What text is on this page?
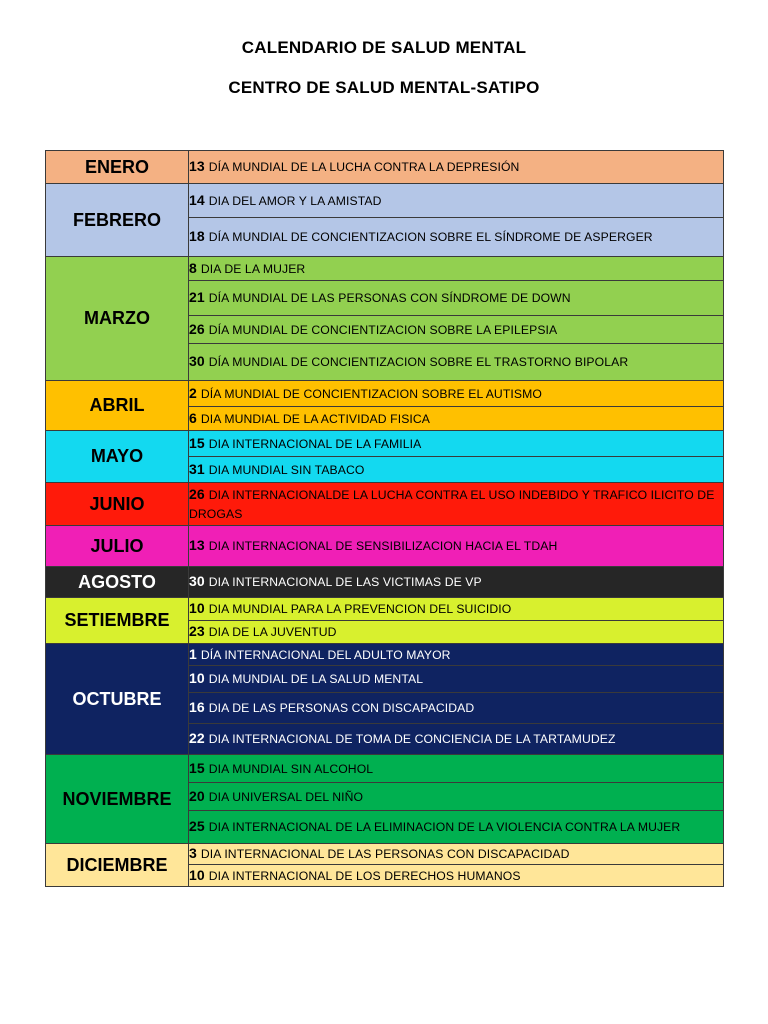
CALENDARIO DE SALUD MENTAL
CENTRO DE SALUD MENTAL-SATIPO
ENERO	13 DÍA MUNDIAL DE LA LUCHA CONTRA LA DEPRESIÓN
FEBRERO	14 DIA DEL AMOR Y LA AMISTAD
	18 DÍA MUNDIAL DE CONCIENTIZACION SOBRE EL SÍNDROME DE ASPERGER
MARZO	8 DIA DE LA MUJER
	21 DÍA MUNDIAL DE LAS PERSONAS CON SÍNDROME DE DOWN
	26 DÍA MUNDIAL DE CONCIENTIZACION SOBRE LA EPILEPSIA
	30 DÍA MUNDIAL DE CONCIENTIZACION SOBRE EL TRASTORNO BIPOLAR
ABRIL	2 DÍA MUNDIAL DE CONCIENTIZACION SOBRE EL AUTISMO
	6 DIA MUNDIAL DE LA ACTIVIDAD FISICA
MAYO	15 DIA INTERNACIONAL DE LA FAMILIA
	31 DIA MUNDIAL SIN TABACO
JUNIO	26 DIA INTERNACIONALDE LA LUCHA CONTRA EL USO INDEBIDO Y TRAFICO ILICITO DE DROGAS
JULIO	13 DIA INTERNACIONAL DE SENSIBILIZACION HACIA EL TDAH
AGOSTO	30 DIA INTERNACIONAL DE LAS VICTIMAS DE VP
SETIEMBRE	10 DIA MUNDIAL PARA LA PREVENCION DEL SUICIDIO
	23 DIA DE LA JUVENTUD
OCTUBRE	1 DÍA INTERNACIONAL DEL ADULTO MAYOR
	10 DIA MUNDIAL DE LA SALUD MENTAL
	16 DIA DE LAS PERSONAS CON DISCAPACIDAD
	22 DIA INTERNACIONAL DE TOMA DE CONCIENCIA DE LA TARTAMUDEZ
NOVIEMBRE	15 DIA MUNDIAL SIN ALCOHOL
	20 DIA UNIVERSAL DEL NIÑO
	25 DIA INTERNACIONAL DE LA ELIMINACION DE LA VIOLENCIA CONTRA LA MUJER
DICIEMBRE	3 DIA INTERNACIONAL DE LAS PERSONAS CON DISCAPACIDAD
	10 DIA INTERNACIONAL DE LOS DERECHOS HUMANOS
